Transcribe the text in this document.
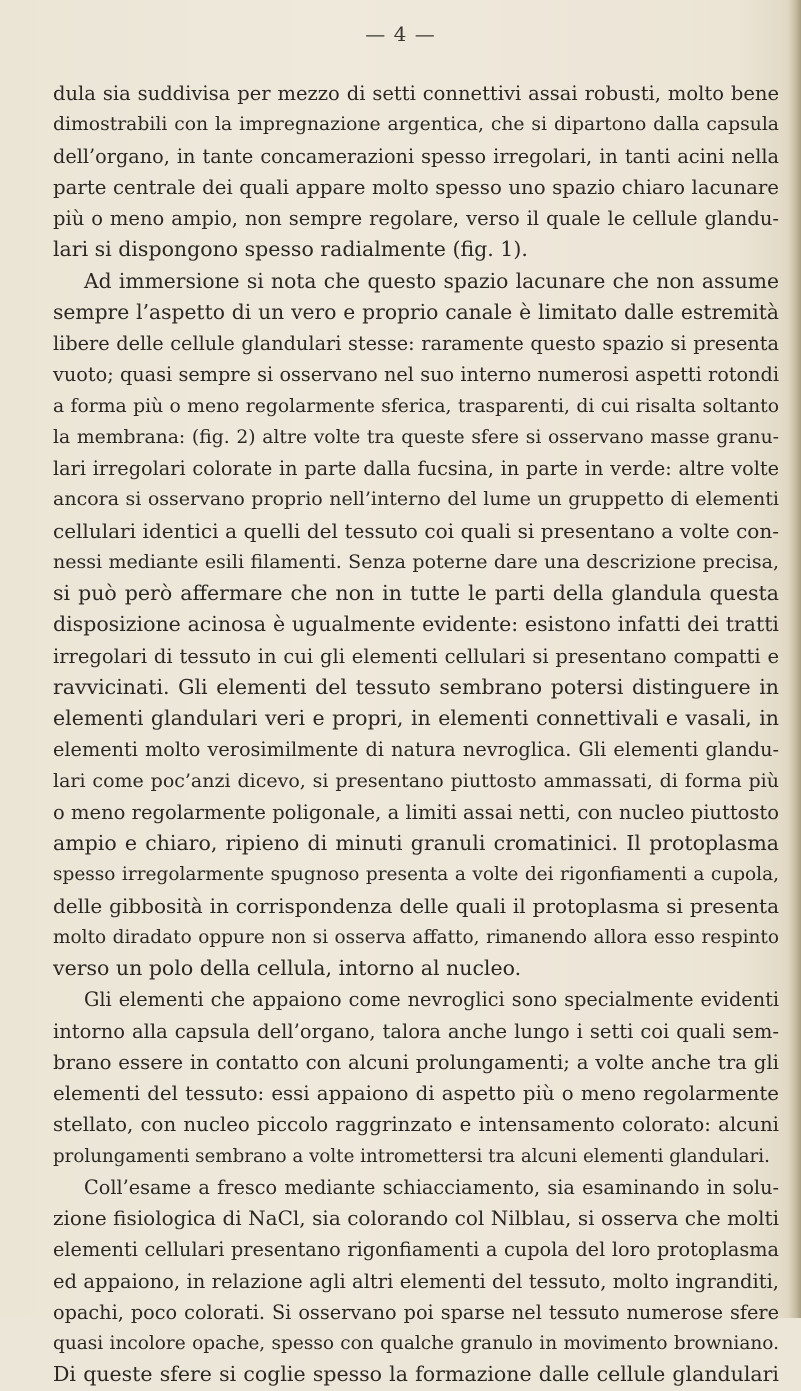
— 4 —
dula sia suddivisa per mezzo di setti connettivi assai robusti, molto bene
dimostrabili con la impregnazione argentica, che si dipartono dalla capsula
dell’organo, in tante concamerazioni spesso irregolari, in tanti acini nella
parte centrale dei quali appare molto spesso uno spazio chiaro lacunare
più o meno ampio, non sempre regolare, verso il quale le cellule glandu-
lari si dispongono spesso radialmente (fig. 1).
Ad immersione si nota che questo spazio lacunare che non assume
sempre l’aspetto di un vero e proprio canale è limitato dalle estremità
libere delle cellule glandulari stesse: raramente questo spazio si presenta
vuoto; quasi sempre si osservano nel suo interno numerosi aspetti rotondi
a forma più o meno regolarmente sferica, trasparenti, di cui risalta soltanto
la membrana: (fig. 2) altre volte tra queste sfere si osservano masse granu-
lari irregolari colorate in parte dalla fucsina, in parte in verde: altre volte
ancora si osservano proprio nell’interno del lume un gruppetto di elementi
cellulari identici a quelli del tessuto coi quali si presentano a volte con-
nessi mediante esili filamenti. Senza poterne dare una descrizione precisa,
si può però affermare che non in tutte le parti della glandula questa
disposizione acinosa è ugualmente evidente: esistono infatti dei tratti
irregolari di tessuto in cui gli elementi cellulari si presentano compatti e
ravvicinati. Gli elementi del tessuto sembrano potersi distinguere in
elementi glandulari veri e propri, in elementi connettivali e vasali, in
elementi molto verosimilmente di natura nevroglica. Gli elementi glandu-
lari come poc’anzi dicevo, si presentano piuttosto ammassati, di forma più
o meno regolarmente poligonale, a limiti assai netti, con nucleo piuttosto
ampio e chiaro, ripieno di minuti granuli cromatinici. Il protoplasma
spesso irregolarmente spugnoso presenta a volte dei rigonfiamenti a cupola,
delle gibbosità in corrispondenza delle quali il protoplasma si presenta
molto diradato oppure non si osserva affatto, rimanendo allora esso respinto
verso un polo della cellula, intorno al nucleo.
Gli elementi che appaiono come nevroglici sono specialmente evidenti
intorno alla capsula dell’organo, talora anche lungo i setti coi quali sem-
brano essere in contatto con alcuni prolungamenti; a volte anche tra gli
elementi del tessuto: essi appaiono di aspetto più o meno regolarmente
stellato, con nucleo piccolo raggrinzato e intensamento colorato: alcuni
prolungamenti sembrano a volte intromettersi tra alcuni elementi glandulari.
Coll’esame a fresco mediante schiacciamento, sia esaminando in solu-
zione fisiologica di NaCl, sia colorando col Nilblau, si osserva che molti
elementi cellulari presentano rigonfiamenti a cupola del loro protoplasma
ed appaiono, in relazione agli altri elementi del tessuto, molto ingranditi,
opachi, poco colorati. Si osservano poi sparse nel tessuto numerose sfere
quasi incolore opache, spesso con qualche granulo in movimento browniano.
Di queste sfere si coglie spesso la formazione dalle cellule glandulari
